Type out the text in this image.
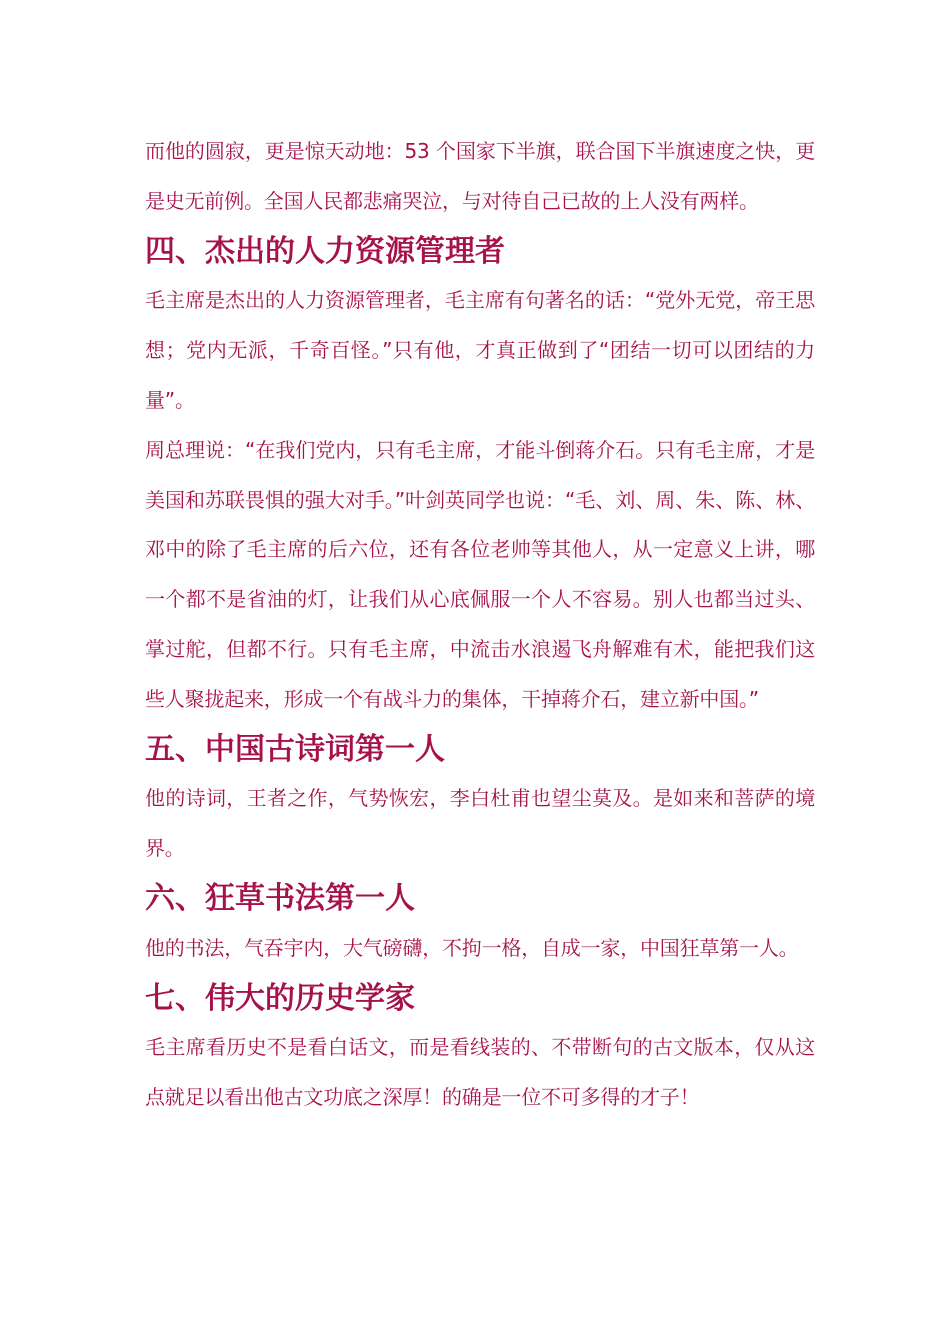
而他的圆寂，更是惊天动地：53 个国家下半旗，联合国下半旗速度之快，更是史无前例。全国人民都悲痛哭泣，与对待自己已故的上人没有两样。

四、杰出的人力资源管理者

毛主席是杰出的人力资源管理者，毛主席有句著名的话：“党外无党，帝王思想；党内无派，千奇百怪。”只有他，才真正做到了“团结一切可以团结的力量”。

周总理说：“在我们党内，只有毛主席，才能斗倒蒋介石。只有毛主席，才是美国和苏联畏惧的强大对手。”叶剑英同学也说：“毛、刘、周、朱、陈、林、邓中的除了毛主席的后六位，还有各位老帅等其他人，从一定意义上讲，哪一个都不是省油的灯，让我们从心底佩服一个人不容易。别人也都当过头、掌过舵，但都不行。只有毛主席，中流击水浪遏飞舟解难有术，能把我们这些人聚拢起来，形成一个有战斗力的集体，干掉蒋介石，建立新中国。”

五、中国古诗词第一人

他的诗词，王者之作，气势恢宏，李白杜甫也望尘莫及。是如来和菩萨的境界。

六、狂草书法第一人

他的书法，气吞宇内，大气磅礴，不拘一格，自成一家，中国狂草第一人。

七、伟大的历史学家

毛主席看历史不是看白话文，而是看线装的、不带断句的古文版本，仅从这点就足以看出他古文功底之深厚！的确是一位不可多得的才子！
